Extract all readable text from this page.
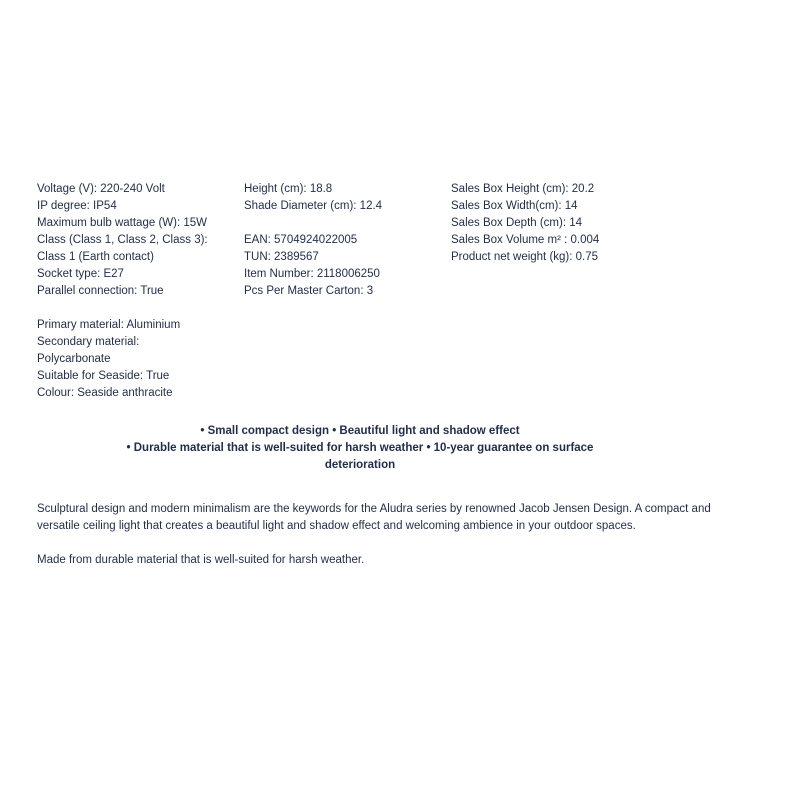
Voltage (V): 220-240 Volt
IP degree: IP54
Maximum bulb wattage (W): 15W
Class (Class 1, Class 2, Class 3):
Class 1 (Earth contact)
Socket type: E27
Parallel connection: True
Primary material: Aluminium
Secondary material:
Polycarbonate
Suitable for Seaside: True
Colour: Seaside anthracite
Height (cm): 18.8
Shade Diameter (cm): 12.4
EAN: 5704924022005
TUN: 2389567
Item Number: 2118006250
Pcs Per Master Carton: 3
Sales Box Height (cm): 20.2
Sales Box Width(cm): 14
Sales Box Depth (cm): 14
Sales Box Volume m² : 0.004
Product net weight (kg): 0.75
• Small compact design • Beautiful light and shadow effect
• Durable material that is well-suited for harsh weather • 10-year guarantee on surface
deterioration

Sculptural design and modern minimalism are the keywords for the Aludra series by renowned Jacob Jensen Design. A compact and versatile ceiling light that creates a beautiful light and shadow effect and welcoming ambience in your outdoor spaces.

Made from durable material that is well-suited for harsh weather.
